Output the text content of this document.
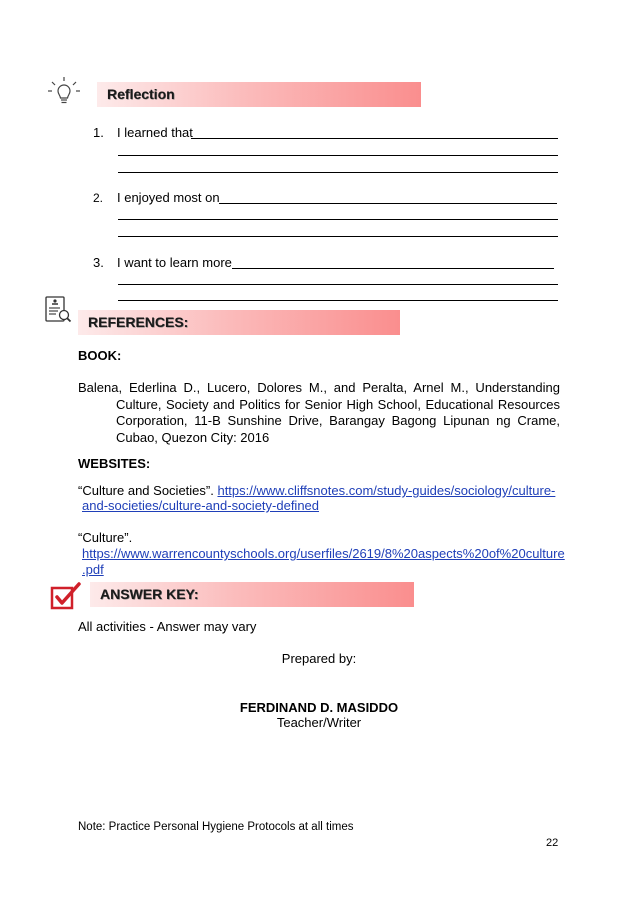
Reflection
1. I learned that
2. I enjoyed most on
3. I want to learn more
REFERENCES:
BOOK:
Balena, Ederlina D., Lucero, Dolores M., and Peralta, Arnel M., Understanding Culture, Society and Politics for Senior High School, Educational Resources Corporation, 11-B Sunshine Drive, Barangay Bagong Lipunan ng Crame, Cubao, Quezon City: 2016
WEBSITES:
“Culture and Societies”. https://www.cliffsnotes.com/study-guides/sociology/culture-
and-societies/culture-and-society-defined
“Culture”.
https://www.warrencountyschools.org/userfiles/2619/8%20aspects%20of%20culture
.pdf
ANSWER KEY:
All activities - Answer may vary
Prepared by:
FERDINAND D. MASIDDO
Teacher/Writer
Note: Practice Personal Hygiene Protocols at all times
22
